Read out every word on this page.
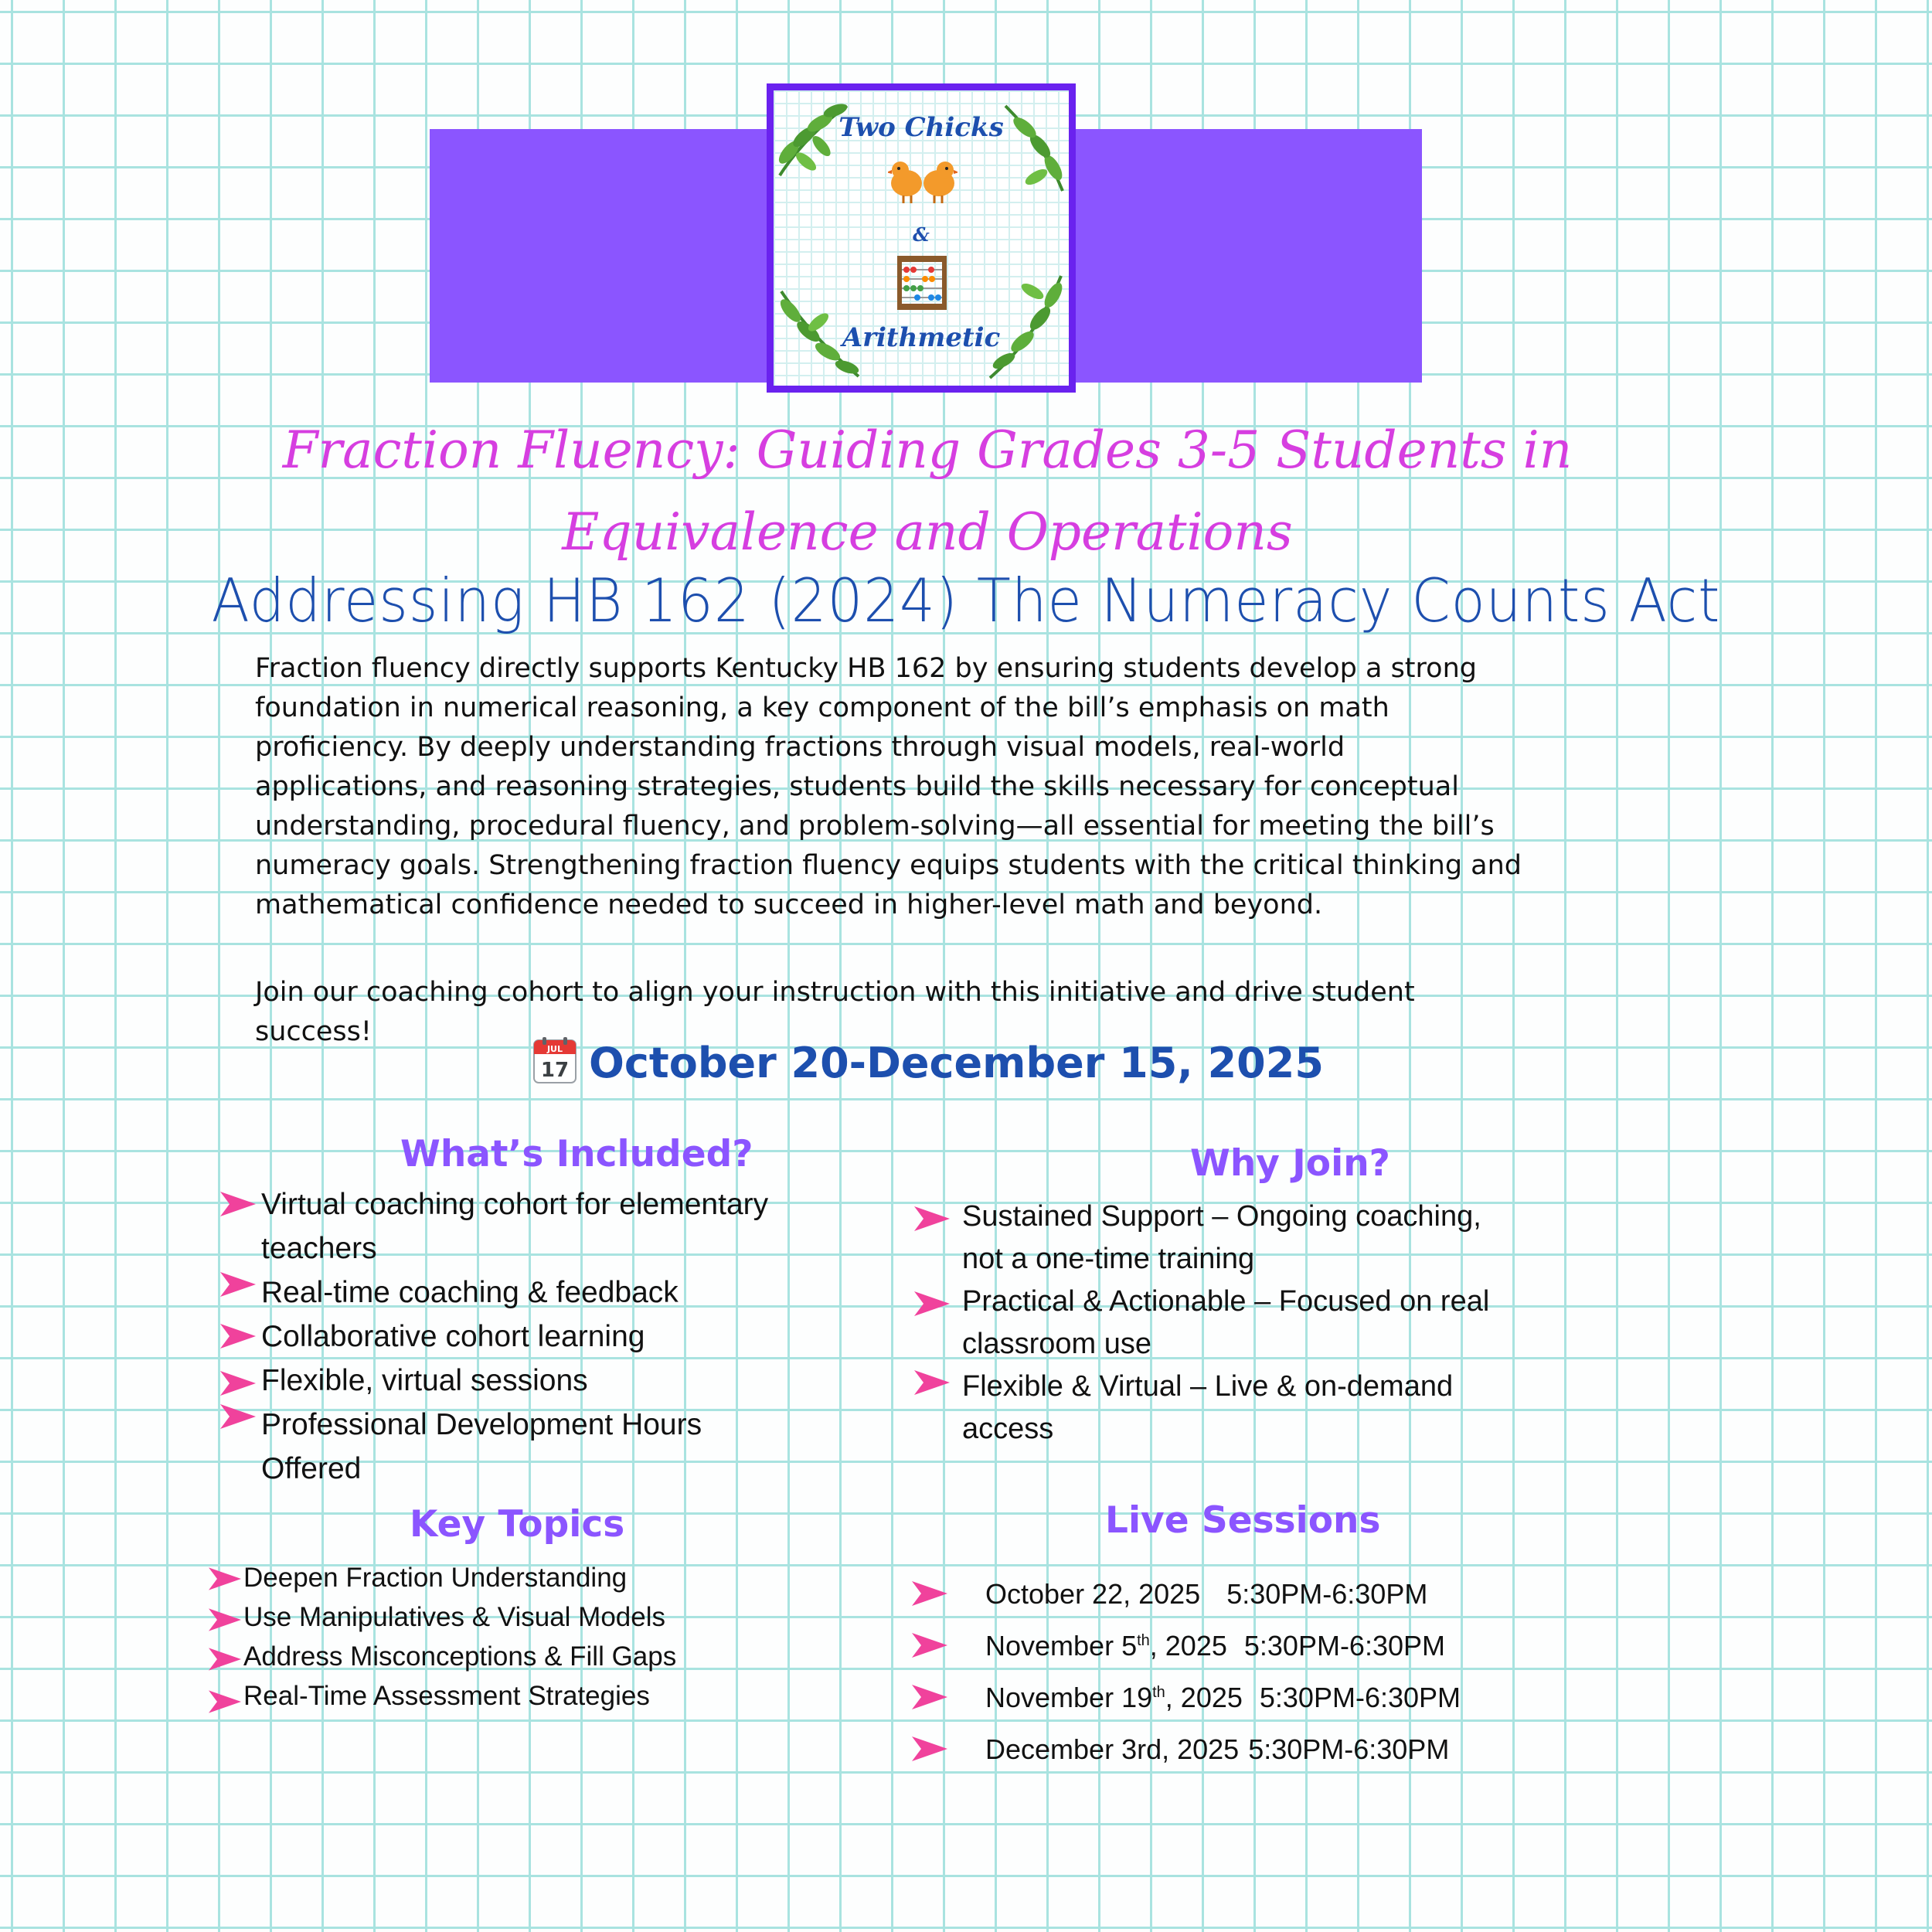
Two Chicks
&
Arithmetic
Fraction Fluency: Guiding Grades 3-5 Students in
Equivalence and Operations
Addressing HB 162 (2024) The Numeracy Counts Act
Fraction fluency directly supports Kentucky HB 162 by ensuring students develop a strong
foundation in numerical reasoning, a key component of the bill’s emphasis on math
proficiency. By deeply understanding fractions through visual models, real-world
applications, and reasoning strategies, students build the skills necessary for conceptual
understanding, procedural fluency, and problem-solving—all essential for meeting the bill’s
numeracy goals. Strengthening fraction fluency equips students with the critical thinking and
mathematical confidence needed to succeed in higher-level math and beyond.
Join our coaching cohort to align your instruction with this initiative and drive student
success!
JUL
17 October 20-December 15, 2025
What’s Included?
Virtual coaching cohort for elementary
teachers
Real-time coaching & feedback
Collaborative cohort learning
Flexible, virtual sessions
Professional Development Hours
Offered
Why Join?
Sustained Support – Ongoing coaching,
not a one-time training
Practical & Actionable – Focused on real
classroom use
Flexible & Virtual – Live & on-demand
access
Key Topics
Deepen Fraction Understanding
Use Manipulatives & Visual Models
Address Misconceptions & Fill Gaps
Real-Time Assessment Strategies
Live Sessions
October 22, 2025 5:30PM-6:30PM
November 5th, 2025 5:30PM-6:30PM
November 19th, 2025 5:30PM-6:30PM
December 3rd, 2025 5:30PM-6:30PM
